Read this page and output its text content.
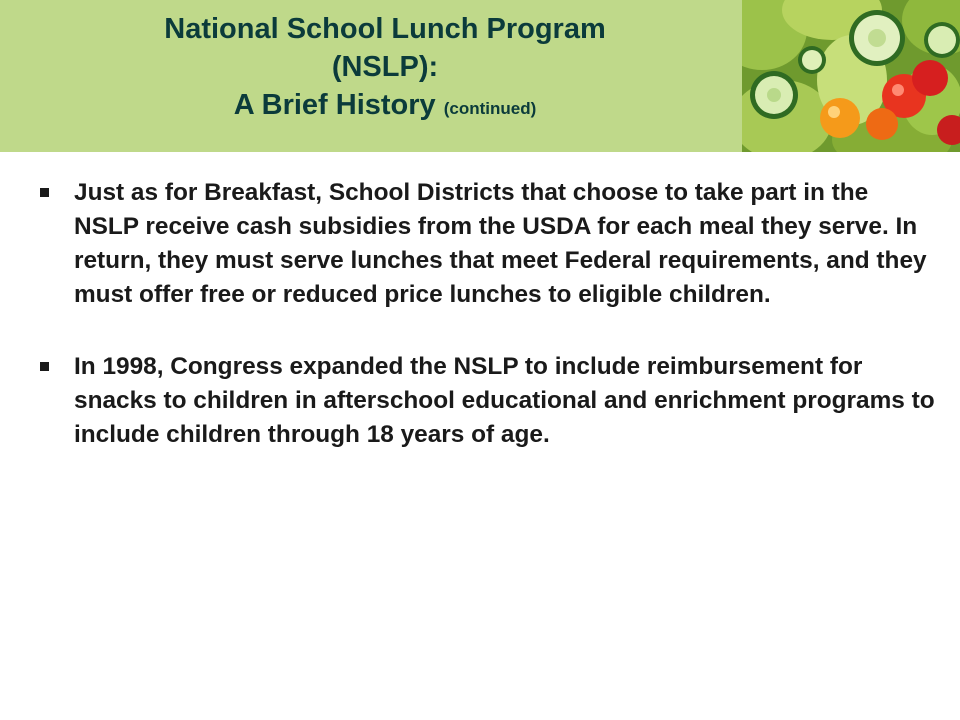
National School Lunch Program
(NSLP):
A Brief History (continued)
Just as for Breakfast, School Districts that choose to take part in the NSLP receive cash subsidies from the USDA for each meal they serve. In return, they must serve lunches that meet Federal requirements, and they must offer free or reduced price lunches to eligible children.
In 1998, Congress expanded the NSLP to include reimbursement for snacks to children in afterschool educational and enrichment programs to include children through 18 years of age.
